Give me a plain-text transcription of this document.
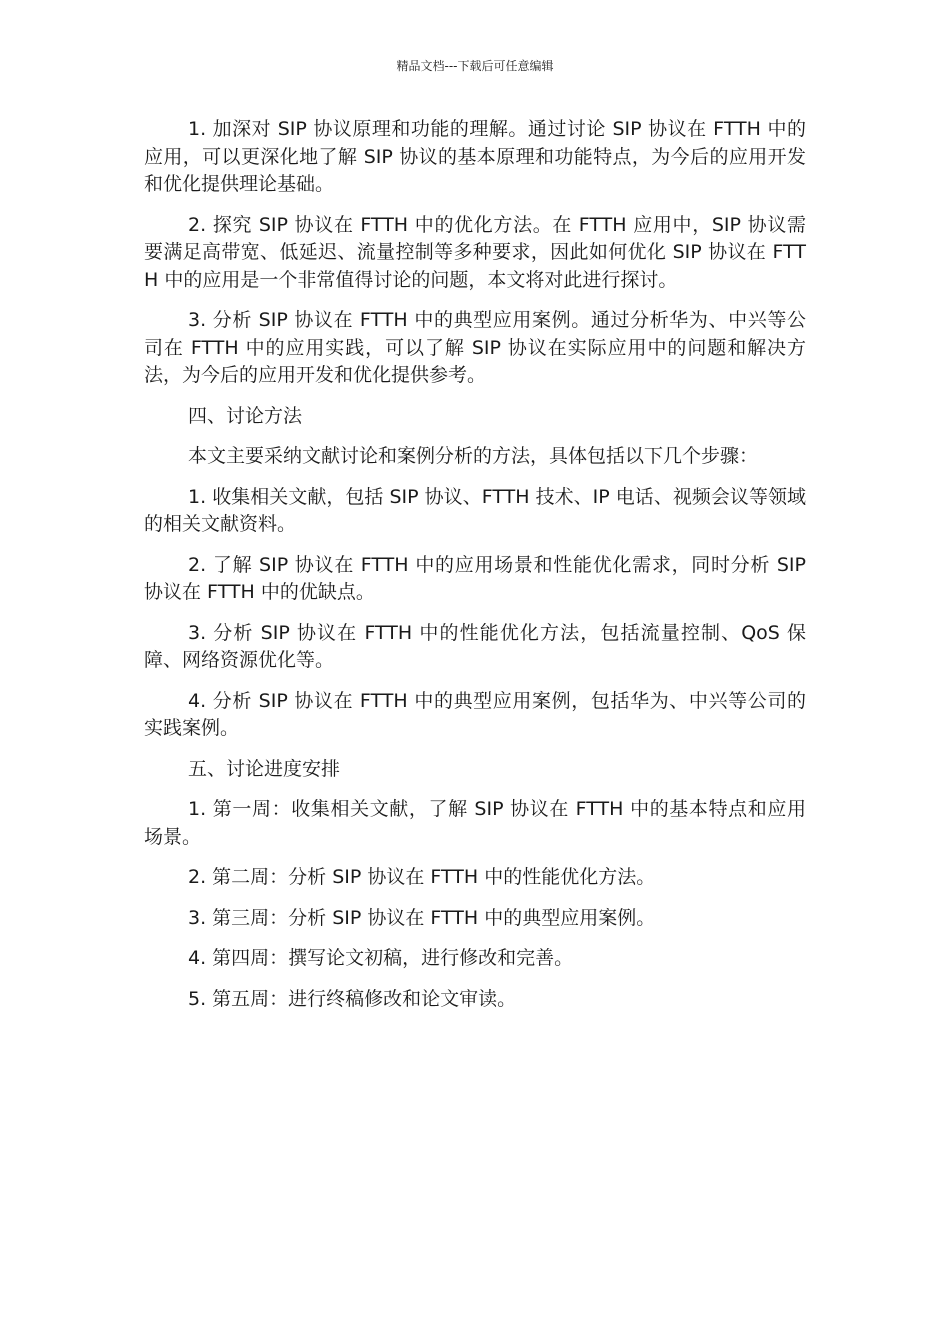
精品文档---下载后可任意编辑

1. 加深对 SIP 协议原理和功能的理解。通过讨论 SIP 协议在 FTTH 中的应用，可以更深化地了解 SIP 协议的基本原理和功能特点，为今后的应用开发和优化提供理论基础。

2. 探究 SIP 协议在 FTTH 中的优化方法。在 FTTH 应用中，SIP 协议需要满足高带宽、低延迟、流量控制等多种要求，因此如何优化 SIP 协议在 FTTH 中的应用是一个非常值得讨论的问题，本文将对此进行探讨。

3. 分析 SIP 协议在 FTTH 中的典型应用案例。通过分析华为、中兴等公司在 FTTH 中的应用实践，可以了解 SIP 协议在实际应用中的问题和解决方法，为今后的应用开发和优化提供参考。

四、讨论方法

本文主要采纳文献讨论和案例分析的方法，具体包括以下几个步骤：

1. 收集相关文献，包括 SIP 协议、FTTH 技术、IP 电话、视频会议等领域的相关文献资料。

2. 了解 SIP 协议在 FTTH 中的应用场景和性能优化需求，同时分析 SIP 协议在 FTTH 中的优缺点。

3. 分析 SIP 协议在 FTTH 中的性能优化方法，包括流量控制、QoS 保障、网络资源优化等。

4. 分析 SIP 协议在 FTTH 中的典型应用案例，包括华为、中兴等公司的实践案例。

五、讨论进度安排

1. 第一周：收集相关文献，了解 SIP 协议在 FTTH 中的基本特点和应用场景。

2. 第二周：分析 SIP 协议在 FTTH 中的性能优化方法。

3. 第三周：分析 SIP 协议在 FTTH 中的典型应用案例。

4. 第四周：撰写论文初稿，进行修改和完善。

5. 第五周：进行终稿修改和论文审读。
